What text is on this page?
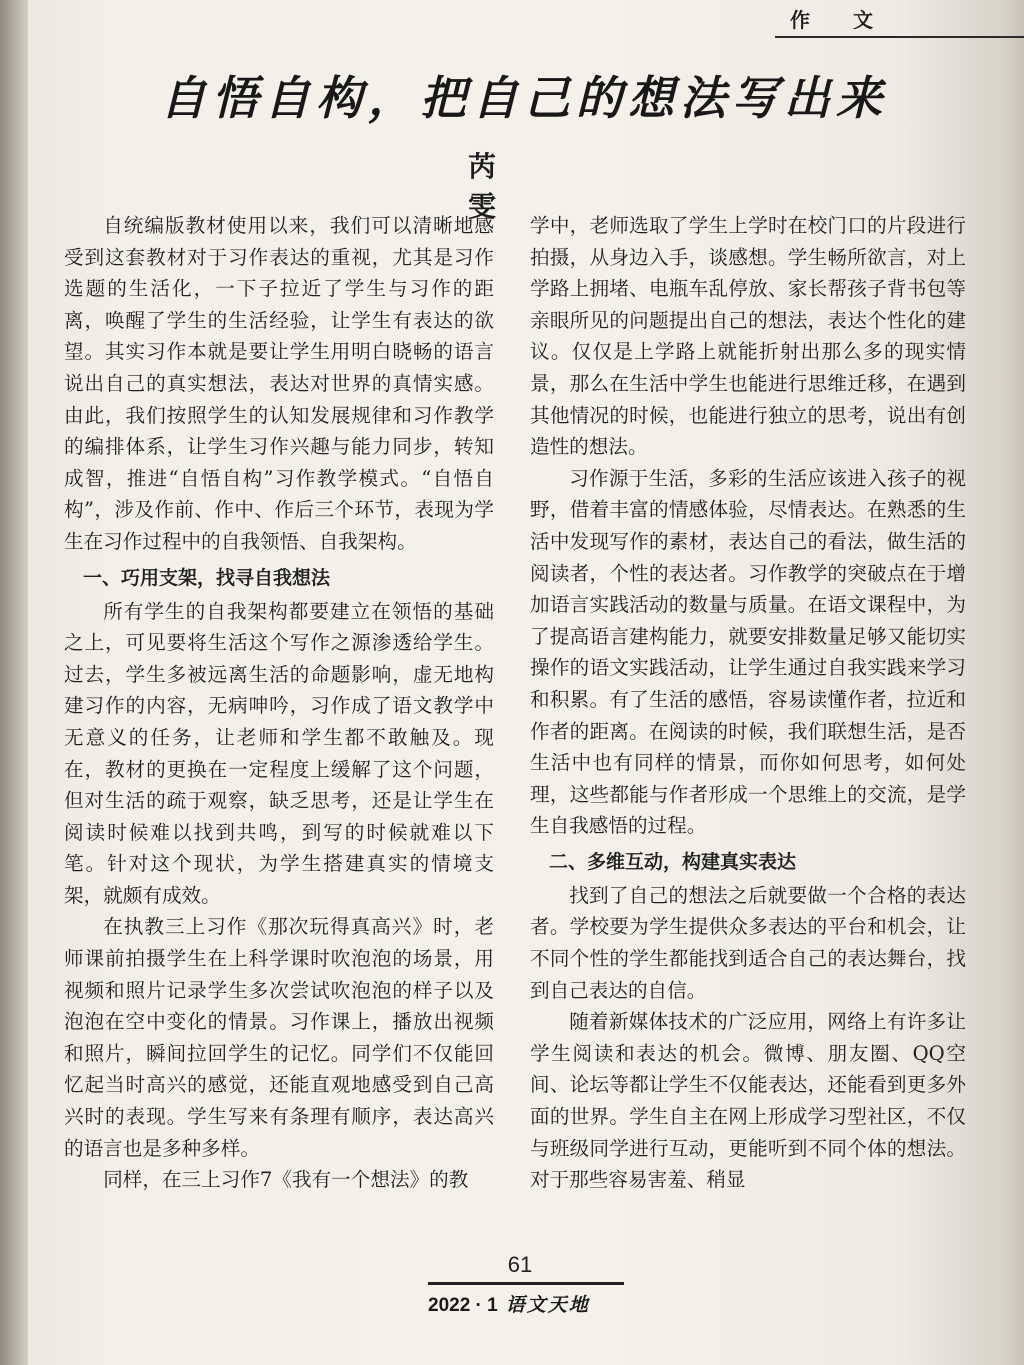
作 文
自悟自构，把自己的想法写出来
芮 雯

自统编版教材使用以来，我们可以清晰地感受到这套教材对于习作表达的重视，尤其是习作选题的生活化，一下子拉近了学生与习作的距离，唤醒了学生的生活经验，让学生有表达的欲望。其实习作本就是要让学生用明白晓畅的语言说出自己的真实想法，表达对世界的真情实感。由此，我们按照学生的认知发展规律和习作教学的编排体系，让学生习作兴趣与能力同步，转知成智，推进“自悟自构”习作教学模式。“自悟自构”，涉及作前、作中、作后三个环节，表现为学生在习作过程中的自我领悟、自我架构。

一、巧用支架，找寻自我想法

所有学生的自我架构都要建立在领悟的基础之上，可见要将生活这个写作之源渗透给学生。过去，学生多被远离生活的命题影响，虚无地构建习作的内容，无病呻吟，习作成了语文教学中无意义的任务，让老师和学生都不敢触及。现在，教材的更换在一定程度上缓解了这个问题，但对生活的疏于观察，缺乏思考，还是让学生在阅读时候难以找到共鸣，到写的时候就难以下笔。针对这个现状，为学生搭建真实的情境支架，就颇有成效。

在执教三上习作《那次玩得真高兴》时，老师课前拍摄学生在上科学课时吹泡泡的场景，用视频和照片记录学生多次尝试吹泡泡的样子以及泡泡在空中变化的情景。习作课上，播放出视频和照片，瞬间拉回学生的记忆。同学们不仅能回忆起当时高兴的感觉，还能直观地感受到自己高兴时的表现。学生写来有条理有顺序，表达高兴的语言也是多种多样。

同样，在三上习作7《我有一个想法》的教

学中，老师选取了学生上学时在校门口的片段进行拍摄，从身边入手，谈感想。学生畅所欲言，对上学路上拥堵、电瓶车乱停放、家长帮孩子背书包等亲眼所见的问题提出自己的想法，表达个性化的建议。仅仅是上学路上就能折射出那么多的现实情景，那么在生活中学生也能进行思维迁移，在遇到其他情况的时候，也能进行独立的思考，说出有创造性的想法。

习作源于生活，多彩的生活应该进入孩子的视野，借着丰富的情感体验，尽情表达。在熟悉的生活中发现写作的素材，表达自己的看法，做生活的阅读者，个性的表达者。习作教学的突破点在于增加语言实践活动的数量与质量。在语文课程中，为了提高语言建构能力，就要安排数量足够又能切实操作的语文实践活动，让学生通过自我实践来学习和积累。有了生活的感悟，容易读懂作者，拉近和作者的距离。在阅读的时候，我们联想生活，是否生活中也有同样的情景，而你如何思考，如何处理，这些都能与作者形成一个思维上的交流，是学生自我感悟的过程。

二、多维互动，构建真实表达

找到了自己的想法之后就要做一个合格的表达者。学校要为学生提供众多表达的平台和机会，让不同个性的学生都能找到适合自己的表达舞台，找到自己表达的自信。

随着新媒体技术的广泛应用，网络上有许多让学生阅读和表达的机会。微博、朋友圈、QQ空间、论坛等都让学生不仅能表达，还能看到更多外面的世界。学生自主在网上形成学习型社区，不仅与班级同学进行互动，更能听到不同个体的想法。对于那些容易害羞、稍显

61
2022 · 1 语文天地
